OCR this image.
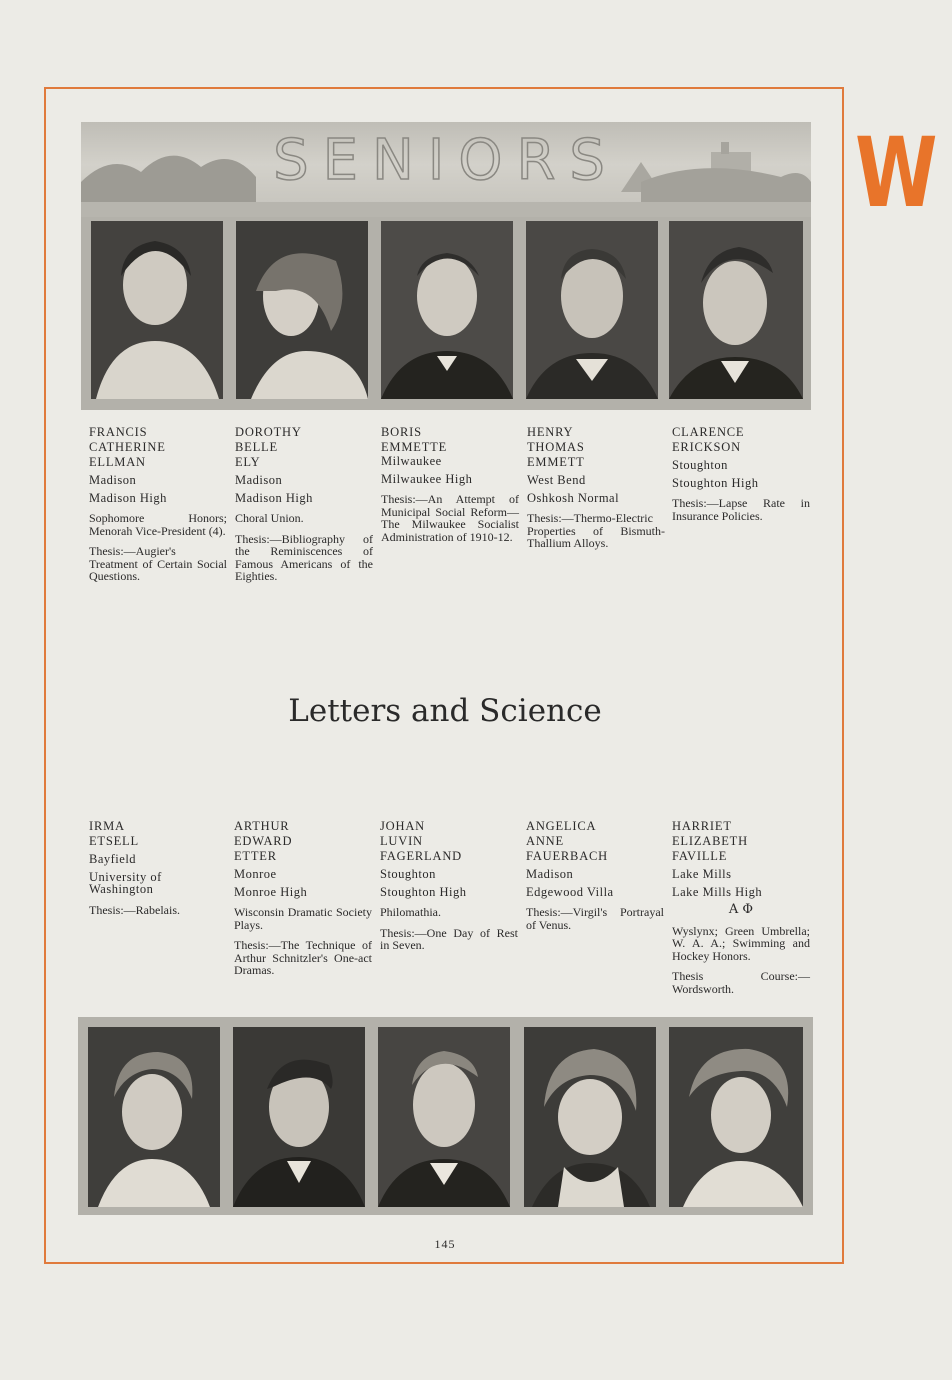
W
SENIORS
FRANCIS
CATHERINE
ELLMAN
Madison
Madison High
Sophomore Honors; Menorah Vice-President (4).
Thesis:—Augier's Treatment of Certain Social Questions.
DOROTHY
BELLE
ELY
Madison
Madison High
Choral Union.
Thesis:—Bibliography of the Reminiscences of Famous Americans of the Eighties.
BORIS
EMMETTE
Milwaukee
Milwaukee High
Thesis:—An Attempt of Municipal Social Reform—The Milwaukee Socialist Administration of 1910-12.
HENRY
THOMAS
EMMETT
West Bend
Oshkosh Normal
Thesis:—Thermo-Electric Properties of Bismuth-Thallium Alloys.
CLARENCE
ERICKSON
Stoughton
Stoughton High
Thesis:—Lapse Rate in Insurance Policies.
Letters and Science
IRMA
ETSELL
Bayfield
University of Washington
Thesis:—Rabelais.
ARTHUR
EDWARD
ETTER
Monroe
Monroe High
Wisconsin Dramatic Society Plays.
Thesis:—The Technique of Arthur Schnitzler's One-act Dramas.
JOHAN
LUVIN
FAGERLAND
Stoughton
Stoughton High
Philomathia.
Thesis:—One Day of Rest in Seven.
ANGELICA
ANNE
FAUERBACH
Madison
Edgewood Villa
Thesis:—Virgil's Portrayal of Venus.
HARRIET
ELIZABETH
FAVILLE
Lake Mills
Lake Mills High
Α Φ
Wyslynx; Green Umbrella; W. A. A.; Swimming and Hockey Honors.
Thesis Course:—Wordsworth.
145
